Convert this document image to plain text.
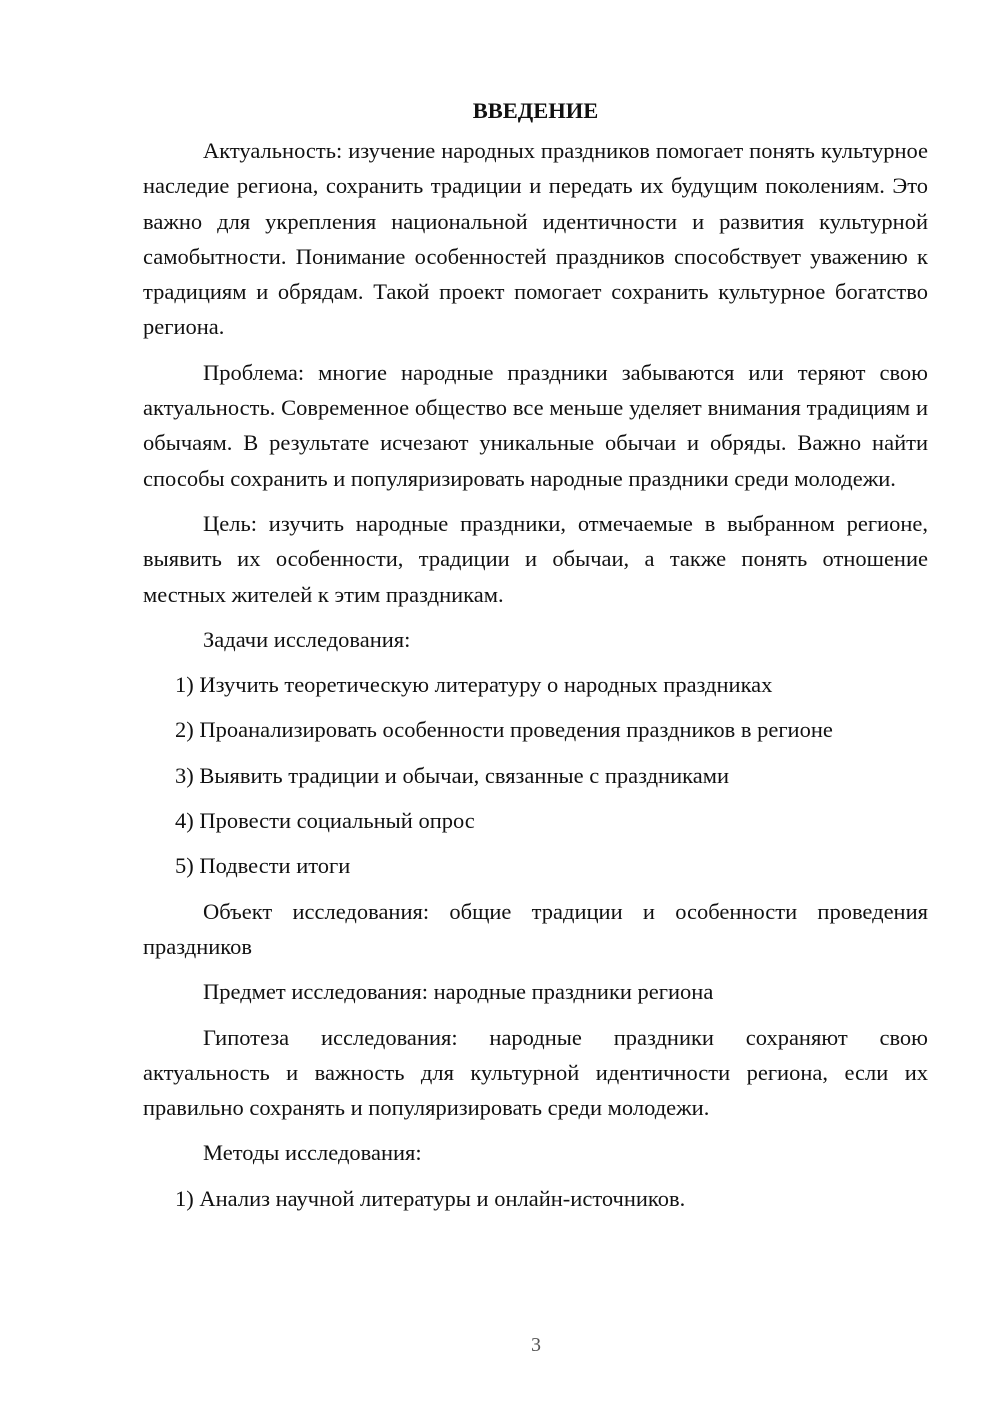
ВВЕДЕНИЕ

Актуальность: изучение народных праздников помогает понять культурное наследие региона, сохранить традиции и передать их будущим поколениям. Это важно для укрепления национальной идентичности и развития культурной самобытности. Понимание особенностей праздников способствует уважению к традициям и обрядам. Такой проект помогает сохранить культурное богатство региона.

Проблема: многие народные праздники забываются или теряют свою актуальность. Современное общество все меньше уделяет внимания традициям и обычаям. В результате исчезают уникальные обычаи и обряды. Важно найти способы сохранить и популяризировать народные праздники среди молодежи.

Цель: изучить народные праздники, отмечаемые в выбранном регионе, выявить их особенности, традиции и обычаи, а также понять отношение местных жителей к этим праздникам.

Задачи исследования:

1) Изучить теоретическую литературу о народных праздниках

2) Проанализировать особенности проведения праздников в регионе

3) Выявить традиции и обычаи, связанные с праздниками

4) Провести социальный опрос

5) Подвести итоги

Объект исследования: общие традиции и особенности проведения праздников

Предмет исследования: народные праздники региона

Гипотеза исследования: народные праздники сохраняют свою актуальность и важность для культурной идентичности региона, если их правильно сохранять и популяризировать среди молодежи.

Методы исследования:

1) Анализ научной литературы и онлайн-источников.

3
